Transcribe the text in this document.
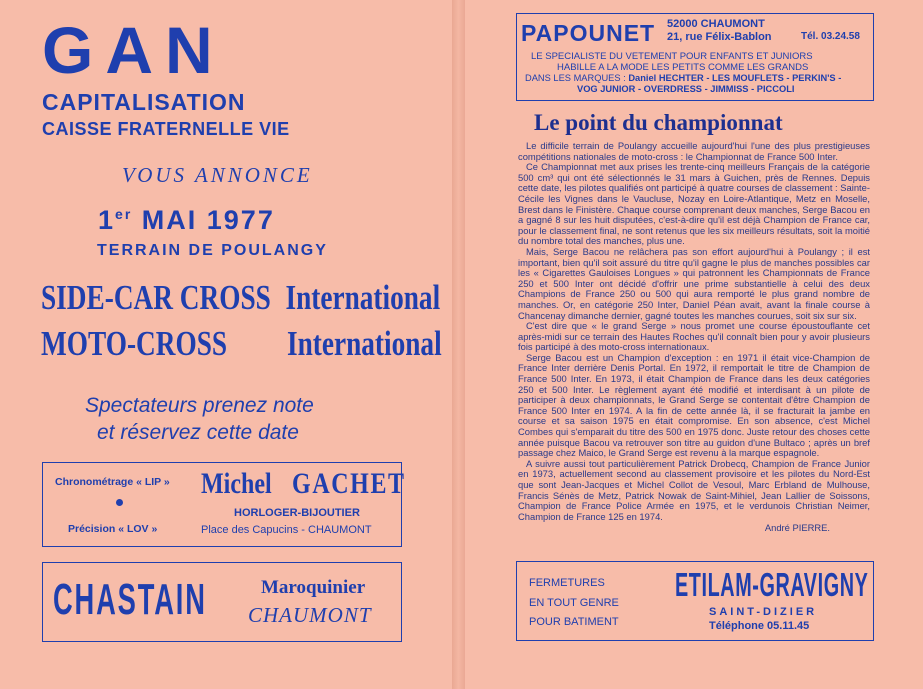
GAN
CAPITALISATION
CAISSE FRATERNELLE VIE
VOUS ANNONCE
1er MAI 1977
TERRAIN DE POULANGY
SIDE-CAR CROSS International
MOTO-CROSS International
Spectateurs prenez note
et réservez cette date
Chronométrage « LIP »
Précision « LOV »
Michel GACHET
HORLOGER-BIJOUTIER
Place des Capucins - CHAUMONT
CHASTAIN	Maroquinier
CHAUMONT
PAPOUNET 52000 CHAUMONT
21, rue Félix-Bablon	Tél. 03.24.58
LE SPECIALISTE DU VETEMENT POUR ENFANTS ET JUNIORS
HABILLE A LA MODE LES PETITS COMME LES GRANDS
DANS LES MARQUES : Daniel HECHTER - LES MOUFLETS - PERKIN'S -
VOG JUNIOR - OVERDRESS - JIMMISS - PICCOLI
Le point du championnat

Le difficile terrain de Poulangy accueille aujourd'hui l'une des plus prestigieuses compétitions nationales de moto-cross : le Championnat de France 500 Inter.

Ce Championnat met aux prises les trente-cinq meilleurs Français de la catégorie 500 cm³ qui ont été sélectionnés le 31 mars à Guichen, près de Rennes. Depuis cette date, les pilotes qualifiés ont participé à quatre courses de classement : Sainte-Cécile les Vignes dans le Vaucluse, Nozay en Loire-Atlantique, Metz en Moselle, Brest dans le Finistère. Chaque course comprenant deux manches, Serge Bacou en a gagné 8 sur les huit disputées, c'est-à-dire qu'il est déjà Champion de France car, pour le classement final, ne sont retenus que les six meilleurs résultats, soit la moitié du nombre total des manches, plus une.

Mais, Serge Bacou ne relâchera pas son effort aujourd'hui à Poulangy ; il est important, bien qu'il soit assuré du titre qu'il gagne le plus de manches possibles car les « Cigarettes Gauloises Longues » qui patronnent les Championnats de France 250 et 500 Inter ont décidé d'offrir une prime substantielle à celui des deux Champions de France 250 ou 500 qui aura remporté le plus grand nombre de manches. Or, en catégorie 250 Inter, Daniel Péan avait, avant la finale course à Chancenay dimanche dernier, gagné toutes les manches courues, soit six sur six.

C'est dire que « le grand Serge » nous promet une course époustouflante cet après-midi sur ce terrain des Hautes Roches qu'il connaît bien pour y avoir plusieurs fois participé à des moto-cross internationaux.

Serge Bacou est un Champion d'exception : en 1971 il était vice-Champion de France Inter derrière Denis Portal. En 1972, il remportait le titre de Champion de France 500 Inter. En 1973, il était Champion de France dans les deux catégories 250 et 500 Inter. Le règlement ayant été modifié et interdisant à un pilote de participer à deux championnats, le Grand Serge se contentait d'être Champion de France 500 Inter en 1974. A la fin de cette année là, il se fracturait la jambe en course et sa saison 1975 en était compromise. En son absence, c'est Michel Combes qui s'emparait du titre des 500 en 1975 donc. Juste retour des choses cette année puisque Bacou va retrouver son titre au guidon d'une Bultaco ; après un bref passage chez Maico, le Grand Serge est revenu à la marque espagnole.

A suivre aussi tout particulièrement Patrick Drobecq, Champion de France Junior en 1973, actuellement second au classement provisoire et les pilotes du Nord-Est que sont Jean-Jacques et Michel Collot de Vesoul, Marc Erbland de Mulhouse, Francis Sénès de Metz, Patrick Nowak de Saint-Mihiel, Jean Lallier de Soissons, Champion de France Police Armée en 1975, et le verdunois Christian Neimer, Champion de France 125 en 1974.

André PIERRE.
FERMETURES
EN TOUT GENRE
POUR BATIMENT
ETILAM-GRAVIGNY
SAINT-DIZIER
Téléphone 05.11.45
